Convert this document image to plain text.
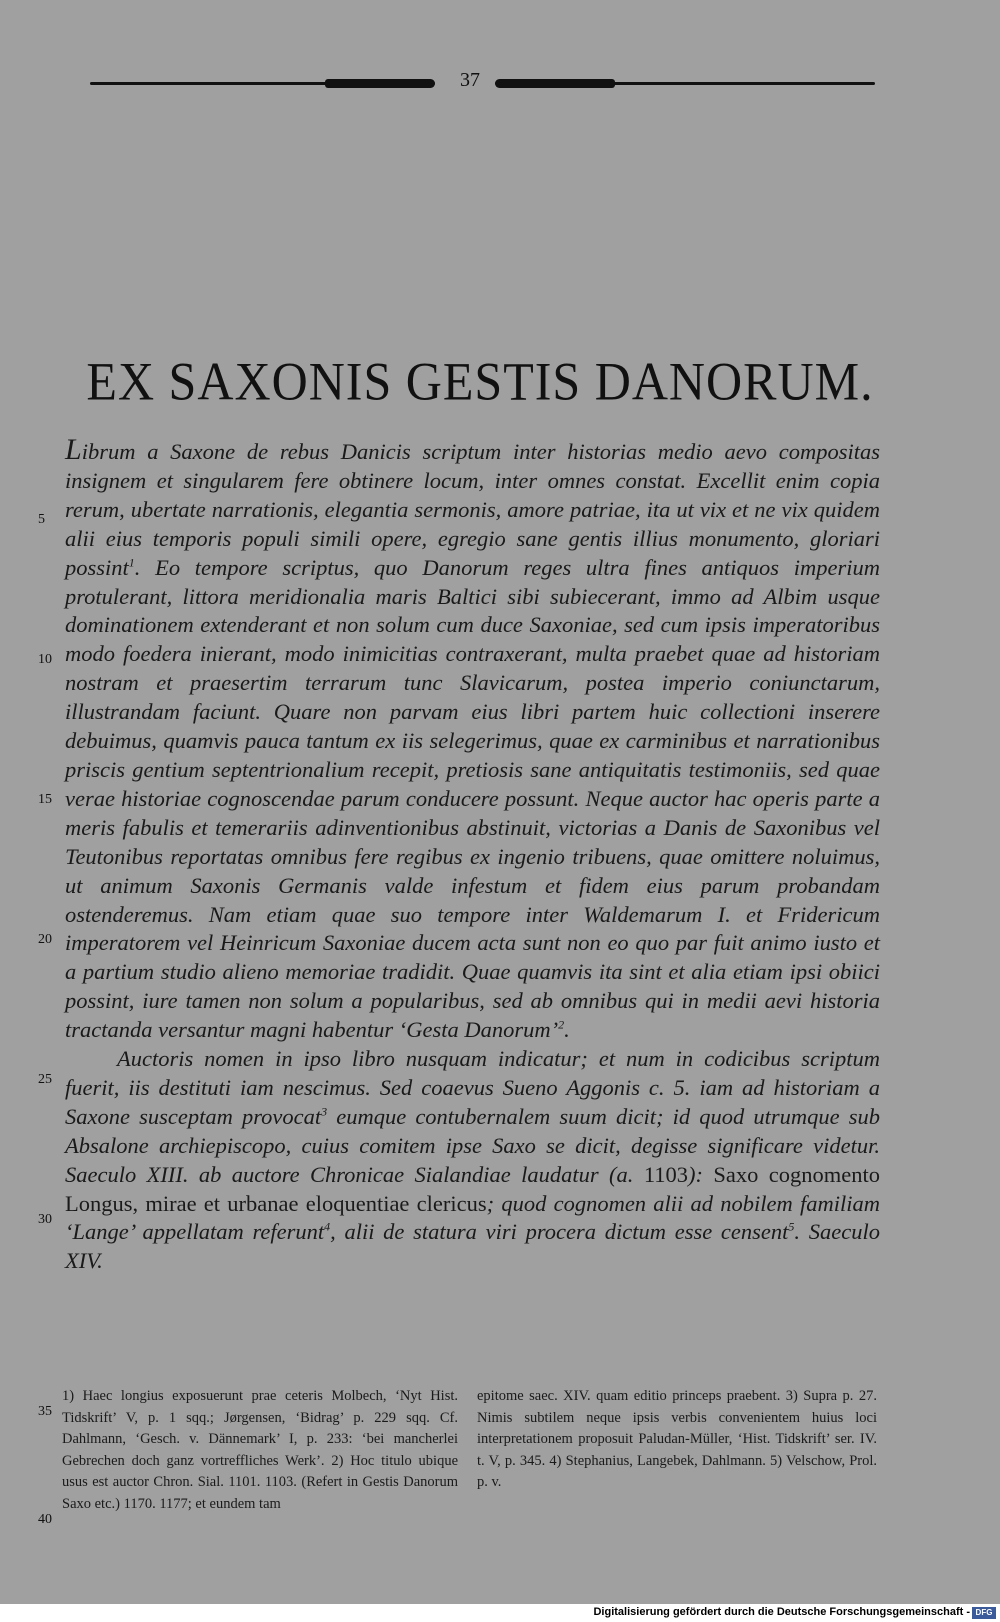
37
EX SAXONIS GESTIS DANORUM.

Librum a Saxone de rebus Danicis scriptum inter historias medio aevo compositas insignem et singularem fere obtinere locum, inter omnes constat. Excellit enim copia rerum, ubertate narrationis, elegantia sermonis, amore patriae, ita ut vix et ne vix quidem alii eius temporis populi simili opere, egregio sane gentis illius monumento, gloriari possint$^1$. Eo tempore scriptus, quo Danorum reges ultra fines antiquos imperium protulerant, littora meridionalia maris Baltici sibi subiecerant, immo ad Albim usque dominationem extenderant et non solum cum duce Saxoniae, sed cum ipsis imperatoribus modo foedera inierant, modo inimicitias contraxerant, multa praebet quae ad historiam nostram et praesertim terrarum tunc Slavicarum, postea imperio coniunctarum, illustrandam faciunt. Quare non parvam eius libri partem huic collectioni inserere debuimus, quamvis pauca tantum ex iis selegerimus, quae ex carminibus et narrationibus priscis gentium septentrionalium recepit, pretiosis sane antiquitatis testimoniis, sed quae verae historiae cognoscendae parum conducere possunt. Neque auctor hac operis parte a meris fabulis et temerariis adinventionibus abstinuit, victorias a Danis de Saxonibus vel Teutonibus reportatas omnibus fere regibus ex ingenio tribuens, quae omittere noluimus, ut animum Saxonis Germanis valde infestum et fidem eius parum probandam ostenderemus. Nam etiam quae suo tempore inter Waldemarum I. et Fridericum imperatorem vel Heinricum Saxoniae ducem acta sunt non eo quo par fuit animo iusto et a partium studio alieno memoriae tradidit. Quae quamvis ita sint et alia etiam ipsi obiici possint, iure tamen non solum a popularibus, sed ab omnibus qui in medii aevi historia tractanda versantur magni habentur ‘Gesta Danorum’$^2$.

Auctoris nomen in ipso libro nusquam indicatur; et num in codicibus scriptum fuerit, iis destituti iam nescimus. Sed coaevus Sueno Aggonis c. 5. iam ad historiam a Saxone susceptam provocat$^3$ eumque contubernalem suum dicit; id quod utrumque sub Absalone archiepiscopo, cuius comitem ipse Saxo se dicit, degisse significare videtur. Saeculo XIII. ab auctore Chronicae Sialandiae laudatur (a. 1103): Saxo cognomento Longus, mirae et urbanae eloquentiae clericus; quod cognomen alii ad nobilem familiam ‘Lange’ appellatam referunt$^4$, alii de statura viri procera dictum esse censent$^5$. Saeculo XIV.

5
10
15
20
25
30
35
40

1) Haec longius exposuerunt prae ceteris Molbech, ‘Nyt Hist. Tidskrift’ V, p. 1 sqq.; Jørgensen, ‘Bidrag’ p. 229 sqq. Cf. Dahlmann, ‘Gesch. v. Dännemark’ I, p. 233: ‘bei mancherlei Gebrechen doch ganz vortreffliches Werk’. 2) Hoc titulo ubique usus est auctor Chron. Sial. 1101. 1103. (Refert in Gestis Danorum Saxo etc.) 1170. 1177; et eundem tam

epitome saec. XIV. quam editio princeps praebent. 3) Supra p. 27. Nimis subtilem neque ipsis verbis convenientem huius loci interpretationem proposuit Paludan-Müller, ‘Hist. Tidskrift’ ser. IV. t. V, p. 345. 4) Stephanius, Langebek, Dahlmann. 5) Velschow, Prol. p. v.

Digitalisierung gefördert durch die Deutsche Forschungsgemeinschaft - DFG
